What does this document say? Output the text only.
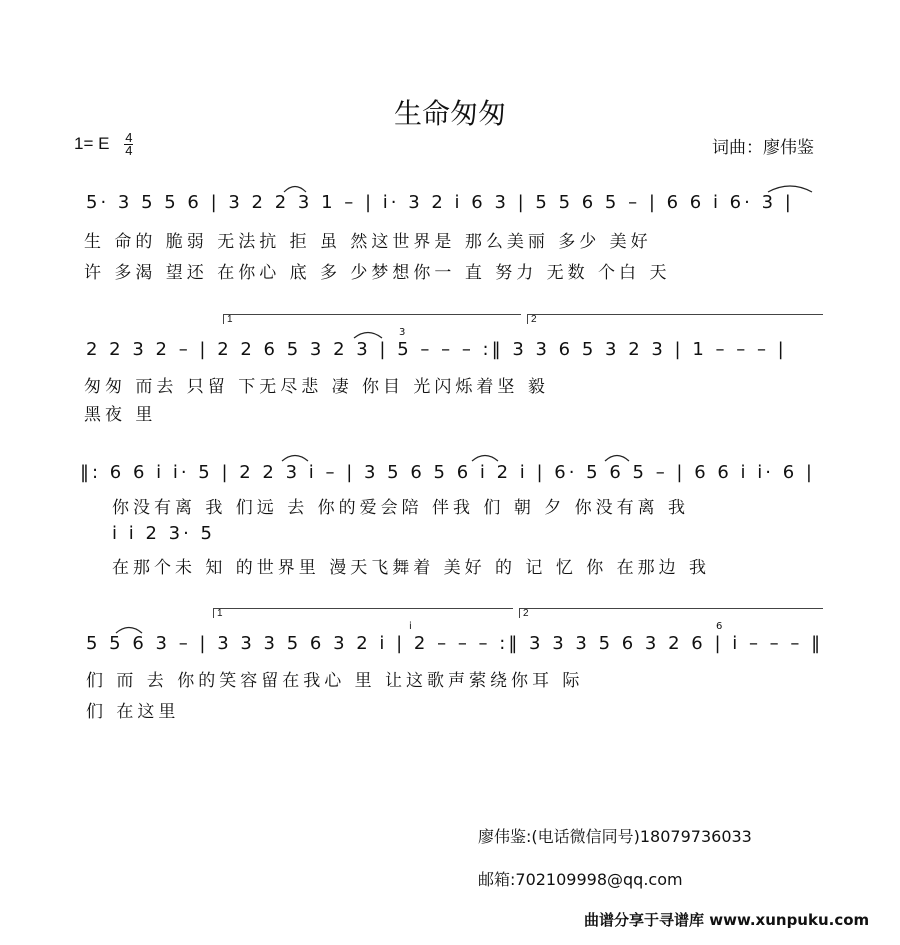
生命匆匆
1= E $\frac{4}{4}$	词曲：廖伟鉴
5· 3 5 5 6 | 3 2 2 3 1 – | i· 3 2 i 6 3 | 5 5 6 5 – | 6 6 i 6· 3 |
生 命的 脆弱 无法抗 拒 虽 然这世界是 那么美丽 多少 美好
许 多渴 望还 在你心 底 多 少梦想你一 直 努力 无数 个白 天
1	2
3
2 2 3 2 – | 2 2 6 5 3 2 3 | 5 – – – :‖ 3 3 6 5 3 2 3 | 1 – – – |
匆匆 而去 只留 下无尽悲 凄 你目 光闪烁着坚 毅
黑夜 里
‖: 6 6 i i· 5 | 2 2 3 i – | 3 5 6 5 6 i 2 i | 6· 5 6 5 – | 6 6 i i· 6 |
你没有离 我 们远 去 你的爱会陪 伴我 们 朝 夕 你没有离 我
i i 2 3· 5
在那个未 知 的世界里 漫天飞舞着 美好 的 记 忆 你 在那边 我
1	2
i	6
5 5 6 3 – | 3 3 3 5 6 3 2 i | 2 – – – :‖ 3 3 3 5 6 3 2 6 | i – – – ‖
们 而 去 你的笑容留在我心 里 让这歌声萦绕你耳 际
们 在这里
廖伟鉴:(电话微信同号)18079736033
邮箱:702109998@qq.com
曲谱分享于寻谱库 www.xunpuku.com
